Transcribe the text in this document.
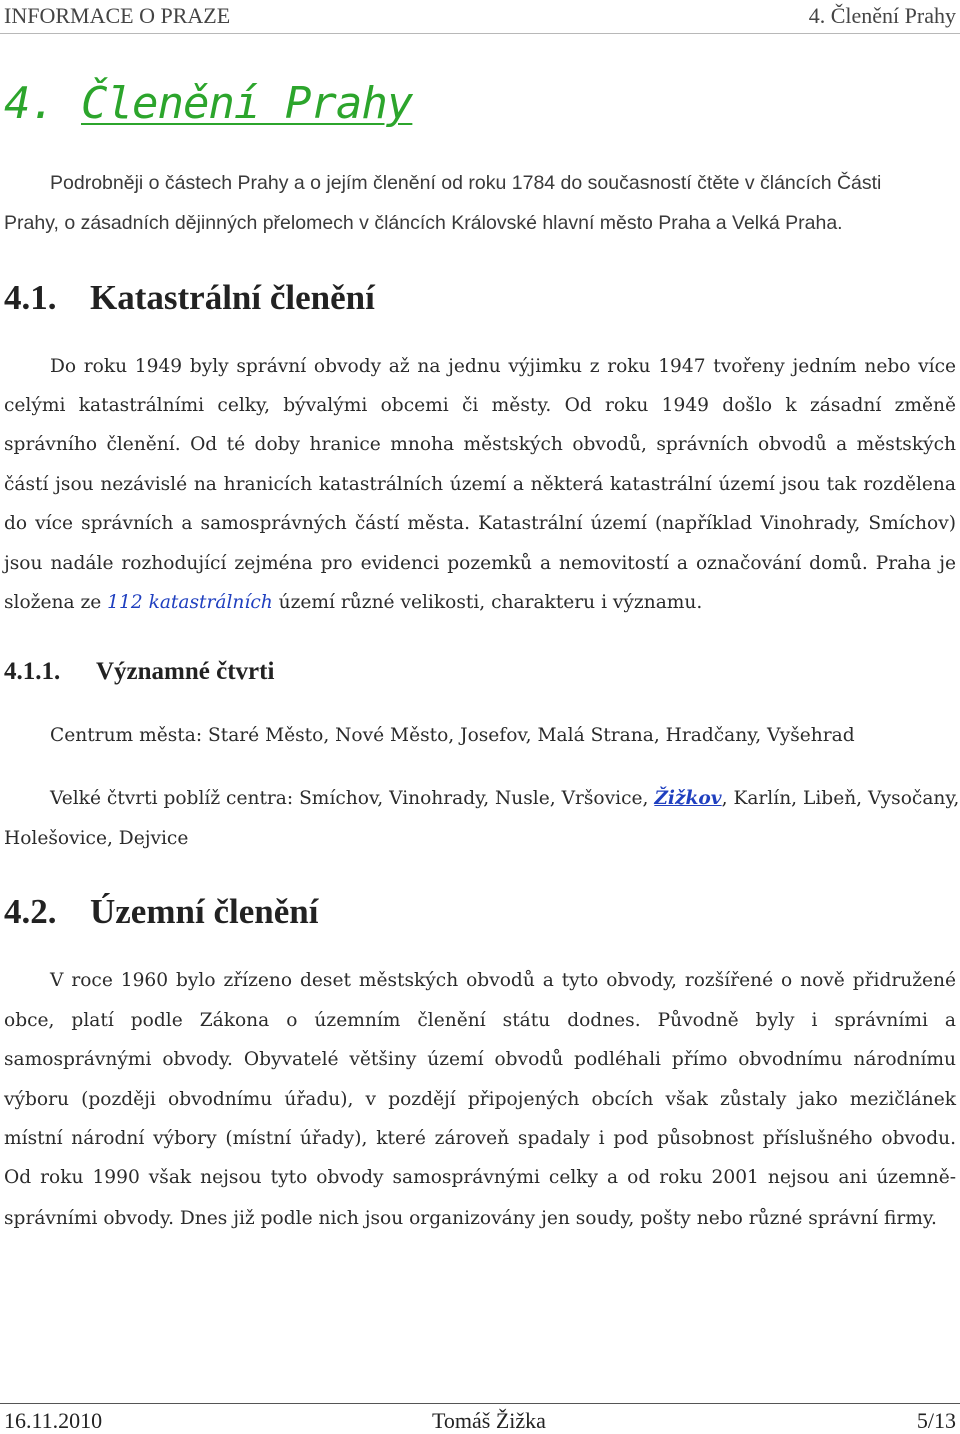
INFORMACE O PRAZE	4. Členění Prahy
4. Členění Prahy
Podrobněji o částech Prahy a o jejím členění od roku 1784 do současností čtěte v článcích Části
Prahy, o zásadních dějinných přelomech v článcích Královské hlavní město Praha a Velká Praha.
4.1. Katastrální členění
Do roku 1949 byly správní obvody až na jednu výjimku z roku 1947 tvořeny jedním nebo více
celými katastrálními celky, bývalými obcemi či městy. Od roku 1949 došlo k zásadní změně
správního členění. Od té doby hranice mnoha městských obvodů, správních obvodů a městských
částí jsou nezávislé na hranicích katastrálních území a některá katastrální území jsou tak rozdělena
do více správních a samosprávných částí města. Katastrální území (například Vinohrady, Smíchov)
jsou nadále rozhodující zejména pro evidenci pozemků a nemovitostí a označování domů. Praha je
složena ze 112 katastrálních území různé velikosti, charakteru i významu.
4.1.1. Významné čtvrti
Centrum města: Staré Město, Nové Město, Josefov, Malá Strana, Hradčany, Vyšehrad
Velké čtvrti poblíž centra: Smíchov, Vinohrady, Nusle, Vršovice, Žižkov, Karlín, Libeň, Vysočany,
Holešovice, Dejvice
4.2. Územní členění
V roce 1960 bylo zřízeno deset městských obvodů a tyto obvody, rozšířené o nově přidružené
obce, platí podle Zákona o územním členění státu dodnes. Původně byly i správními a
samosprávnými obvody. Obyvatelé většiny území obvodů podléhali přímo obvodnímu národnímu
výboru (později obvodnímu úřadu), v pozdějí připojených obcích však zůstaly jako mezičlánek
místní národní výbory (místní úřady), které zároveň spadaly i pod působnost příslušného obvodu.
Od roku 1990 však nejsou tyto obvody samosprávnými celky a od roku 2001 nejsou ani územně-
správními obvody. Dnes již podle nich jsou organizovány jen soudy, pošty nebo různé správní firmy.
16.11.2010	Tomáš Žižka	5/13
